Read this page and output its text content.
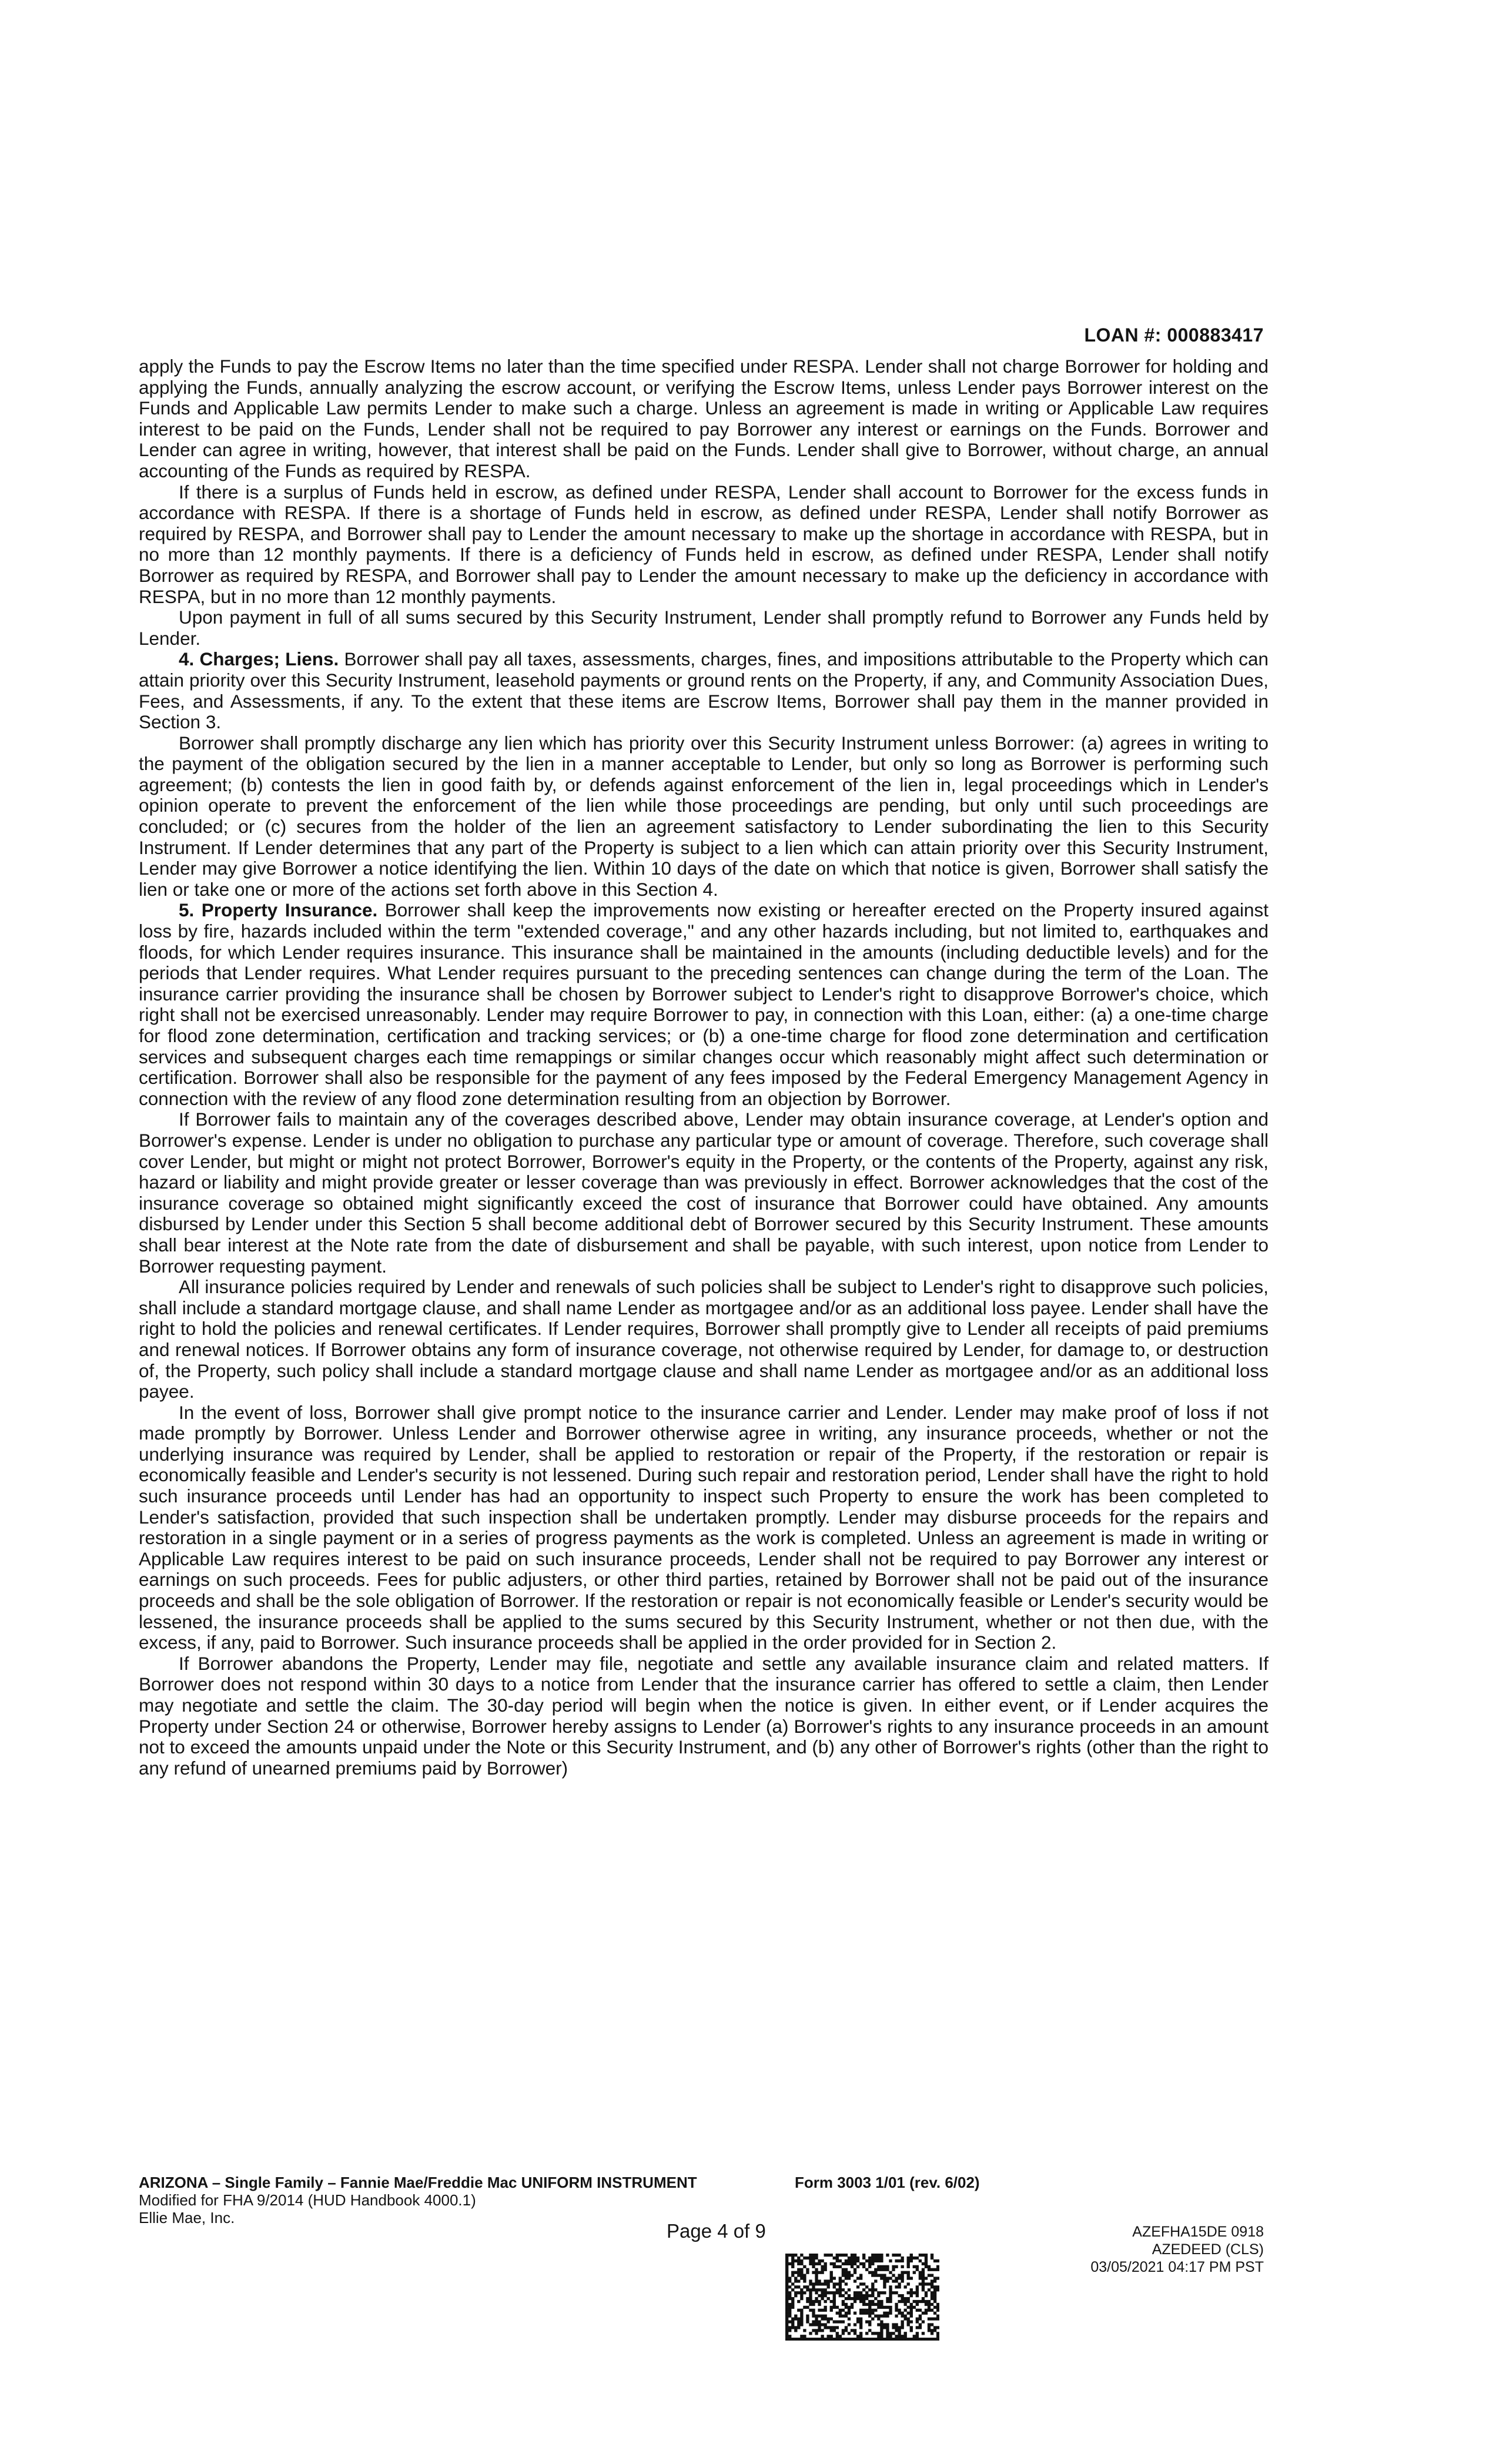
LOAN #: 000883417

apply the Funds to pay the Escrow Items no later than the time specified under RESPA. Lender shall not charge Borrower for holding and applying the Funds, annually analyzing the escrow account, or verifying the Escrow Items, unless Lender pays Borrower interest on the Funds and Applicable Law permits Lender to make such a charge. Unless an agreement is made in writing or Applicable Law requires interest to be paid on the Funds, Lender shall not be required to pay Borrower any interest or earnings on the Funds. Borrower and Lender can agree in writing, however, that interest shall be paid on the Funds. Lender shall give to Borrower, without charge, an annual accounting of the Funds as required by RESPA.

If there is a surplus of Funds held in escrow, as defined under RESPA, Lender shall account to Borrower for the excess funds in accordance with RESPA. If there is a shortage of Funds held in escrow, as defined under RESPA, Lender shall notify Borrower as required by RESPA, and Borrower shall pay to Lender the amount necessary to make up the shortage in accordance with RESPA, but in no more than 12 monthly payments. If there is a deficiency of Funds held in escrow, as defined under RESPA, Lender shall notify Borrower as required by RESPA, and Borrower shall pay to Lender the amount necessary to make up the deficiency in accordance with RESPA, but in no more than 12 monthly payments.

Upon payment in full of all sums secured by this Security Instrument, Lender shall promptly refund to Borrower any Funds held by Lender.

4. Charges; Liens. Borrower shall pay all taxes, assessments, charges, fines, and impositions attributable to the Property which can attain priority over this Security Instrument, leasehold payments or ground rents on the Property, if any, and Community Association Dues, Fees, and Assessments, if any. To the extent that these items are Escrow Items, Borrower shall pay them in the manner provided in Section 3.

Borrower shall promptly discharge any lien which has priority over this Security Instrument unless Borrower: (a) agrees in writing to the payment of the obligation secured by the lien in a manner acceptable to Lender, but only so long as Borrower is performing such agreement; (b) contests the lien in good faith by, or defends against enforcement of the lien in, legal proceedings which in Lender's opinion operate to prevent the enforcement of the lien while those proceedings are pending, but only until such proceedings are concluded; or (c) secures from the holder of the lien an agreement satisfactory to Lender subordinating the lien to this Security Instrument. If Lender determines that any part of the Property is subject to a lien which can attain priority over this Security Instrument, Lender may give Borrower a notice identifying the lien. Within 10 days of the date on which that notice is given, Borrower shall satisfy the lien or take one or more of the actions set forth above in this Section 4.

5. Property Insurance. Borrower shall keep the improvements now existing or hereafter erected on the Property insured against loss by fire, hazards included within the term "extended coverage," and any other hazards including, but not limited to, earthquakes and floods, for which Lender requires insurance. This insurance shall be maintained in the amounts (including deductible levels) and for the periods that Lender requires. What Lender requires pursuant to the preceding sentences can change during the term of the Loan. The insurance carrier providing the insurance shall be chosen by Borrower subject to Lender's right to disapprove Borrower's choice, which right shall not be exercised unreasonably. Lender may require Borrower to pay, in connection with this Loan, either: (a) a one-time charge for flood zone determination, certification and tracking services; or (b) a one-time charge for flood zone determination and certification services and subsequent charges each time remappings or similar changes occur which reasonably might affect such determination or certification. Borrower shall also be responsible for the payment of any fees imposed by the Federal Emergency Management Agency in connection with the review of any flood zone determination resulting from an objection by Borrower.

If Borrower fails to maintain any of the coverages described above, Lender may obtain insurance coverage, at Lender's option and Borrower's expense. Lender is under no obligation to purchase any particular type or amount of coverage. Therefore, such coverage shall cover Lender, but might or might not protect Borrower, Borrower's equity in the Property, or the contents of the Property, against any risk, hazard or liability and might provide greater or lesser coverage than was previously in effect. Borrower acknowledges that the cost of the insurance coverage so obtained might significantly exceed the cost of insurance that Borrower could have obtained. Any amounts disbursed by Lender under this Section 5 shall become additional debt of Borrower secured by this Security Instrument. These amounts shall bear interest at the Note rate from the date of disbursement and shall be payable, with such interest, upon notice from Lender to Borrower requesting payment.

All insurance policies required by Lender and renewals of such policies shall be subject to Lender's right to disapprove such policies, shall include a standard mortgage clause, and shall name Lender as mortgagee and/or as an additional loss payee. Lender shall have the right to hold the policies and renewal certificates. If Lender requires, Borrower shall promptly give to Lender all receipts of paid premiums and renewal notices. If Borrower obtains any form of insurance coverage, not otherwise required by Lender, for damage to, or destruction of, the Property, such policy shall include a standard mortgage clause and shall name Lender as mortgagee and/or as an additional loss payee.

In the event of loss, Borrower shall give prompt notice to the insurance carrier and Lender. Lender may make proof of loss if not made promptly by Borrower. Unless Lender and Borrower otherwise agree in writing, any insurance proceeds, whether or not the underlying insurance was required by Lender, shall be applied to restoration or repair of the Property, if the restoration or repair is economically feasible and Lender's security is not lessened. During such repair and restoration period, Lender shall have the right to hold such insurance proceeds until Lender has had an opportunity to inspect such Property to ensure the work has been completed to Lender's satisfaction, provided that such inspection shall be undertaken promptly. Lender may disburse proceeds for the repairs and restoration in a single payment or in a series of progress payments as the work is completed. Unless an agreement is made in writing or Applicable Law requires interest to be paid on such insurance proceeds, Lender shall not be required to pay Borrower any interest or earnings on such proceeds. Fees for public adjusters, or other third parties, retained by Borrower shall not be paid out of the insurance proceeds and shall be the sole obligation of Borrower. If the restoration or repair is not economically feasible or Lender's security would be lessened, the insurance proceeds shall be applied to the sums secured by this Security Instrument, whether or not then due, with the excess, if any, paid to Borrower. Such insurance proceeds shall be applied in the order provided for in Section 2.

If Borrower abandons the Property, Lender may file, negotiate and settle any available insurance claim and related matters. If Borrower does not respond within 30 days to a notice from Lender that the insurance carrier has offered to settle a claim, then Lender may negotiate and settle the claim. The 30-day period will begin when the notice is given. In either event, or if Lender acquires the Property under Section 24 or otherwise, Borrower hereby assigns to Lender (a) Borrower's rights to any insurance proceeds in an amount not to exceed the amounts unpaid under the Note or this Security Instrument, and (b) any other of Borrower's rights (other than the right to any refund of unearned premiums paid by Borrower)

ARIZONA – Single Family – Fannie Mae/Freddie Mac UNIFORM INSTRUMENT
Modified for FHA 9/2014 (HUD Handbook 4000.1)
Ellie Mae, Inc.
Form 3003 1/01 (rev. 6/02)
Page 4 of 9	AZEFHA15DE 0918
AZEDEED (CLS)
03/05/2021 04:17 PM PST
